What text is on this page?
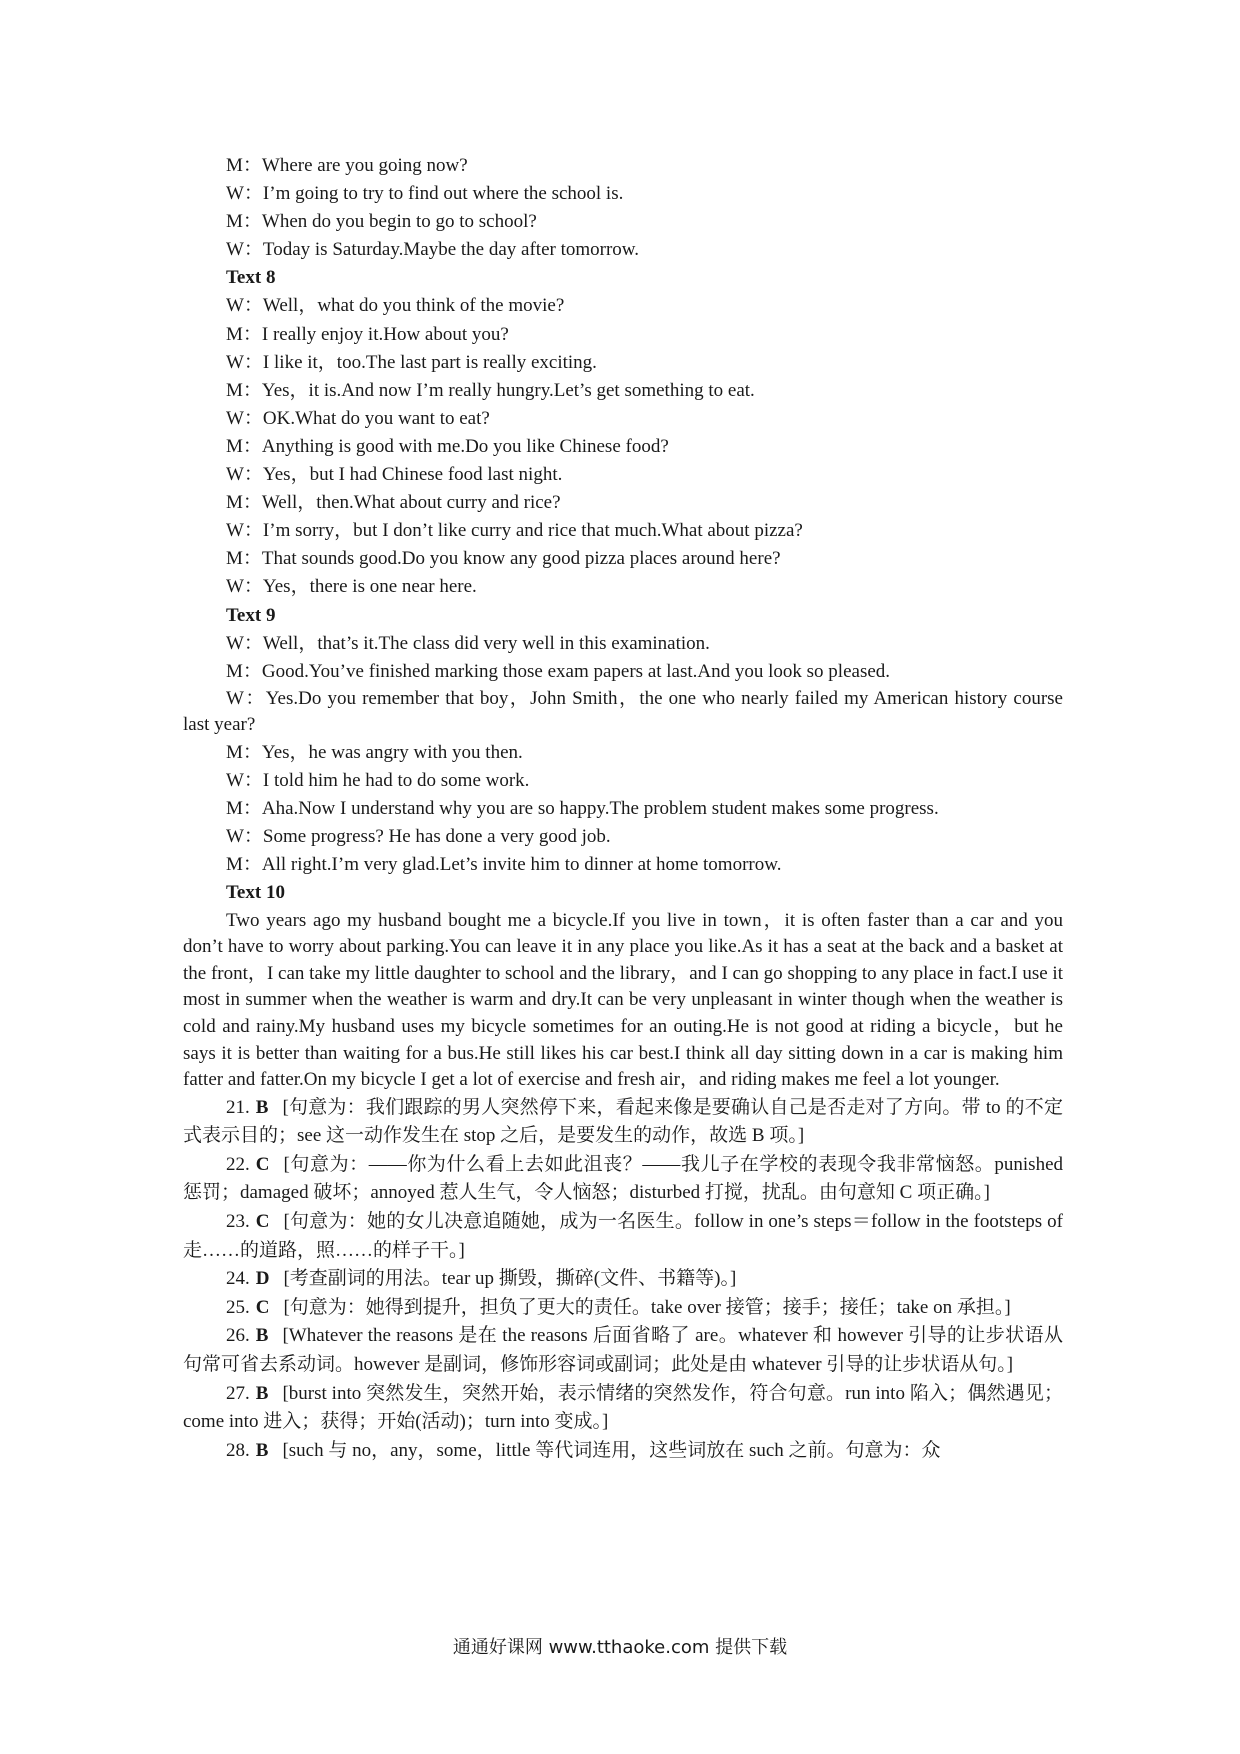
M：Where are you going now?
W：I’m going to try to find out where the school is.
M：When do you begin to go to school?
W：Today is Saturday.Maybe the day after tomorrow.
Text 8
W：Well，what do you think of the movie?
M：I really enjoy it.How about you?
W：I like it，too.The last part is really exciting.
M：Yes，it is.And now I’m really hungry.Let’s get something to eat.
W：OK.What do you want to eat?
M：Anything is good with me.Do you like Chinese food?
W：Yes，but I had Chinese food last night.
M：Well，then.What about curry and rice?
W：I’m sorry，but I don’t like curry and rice that much.What about pizza?
M：That sounds good.Do you know any good pizza places around here?
W：Yes，there is one near here.
Text 9
W：Well，that’s it.The class did very well in this examination.
M：Good.You’ve finished marking those exam papers at last.And you look so pleased.

W：Yes.Do you remember that boy，John Smith，the one who nearly failed my American history course last year?

M：Yes，he was angry with you then.
W：I told him he had to do some work.
M：Aha.Now I understand why you are so happy.The problem student makes some progress.
W：Some progress? He has done a very good job.
M：All right.I’m very glad.Let’s invite him to dinner at home tomorrow.
Text 10

Two years ago my husband bought me a bicycle.If you live in town，it is often faster than a car and you don’t have to worry about parking.You can leave it in any place you like.As it has a seat at the back and a basket at the front，I can take my little daughter to school and the library，and I can go shopping to any place in fact.I use it most in summer when the weather is warm and dry.It can be very unpleasant in winter though when the weather is cold and rainy.My husband uses my bicycle sometimes for an outing.He is not good at riding a bicycle，but he says it is better than waiting for a bus.He still likes his car best.I think all day sitting down in a car is making him fatter and fatter.On my bicycle I get a lot of exercise and fresh air，and riding makes me feel a lot younger.

21. B [句意为：我们跟踪的男人突然停下来，看起来像是要确认自己是否走对了方向。带 to 的不定式表示目的；see 这一动作发生在 stop 之后，是要发生的动作，故选 B 项。]

22. C [句意为：——你为什么看上去如此沮丧？——我儿子在学校的表现令我非常恼怒。punished 惩罚；damaged 破坏；annoyed 惹人生气，令人恼怒；disturbed 打搅，扰乱。由句意知 C 项正确。]

23. C [句意为：她的女儿决意追随她，成为一名医生。follow in one’s steps＝follow in the footsteps of 走……的道路，照……的样子干。]

24. D [考查副词的用法。tear up 撕毁，撕碎(文件、书籍等)。]

25. C [句意为：她得到提升，担负了更大的责任。take over 接管；接手；接任；take on 承担。]

26. B [Whatever the reasons 是在 the reasons 后面省略了 are。whatever 和 however 引导的让步状语从句常可省去系动词。however 是副词，修饰形容词或副词；此处是由 whatever 引导的让步状语从句。]

27. B [burst into 突然发生，突然开始，表示情绪的突然发作，符合句意。run into 陷入；偶然遇见；come into 进入；获得；开始(活动)；turn into 变成。]

28. B [such 与 no，any，some，little 等代词连用，这些词放在 such 之前。句意为：众

通通好课网 www.tthaoke.com 提供下载
